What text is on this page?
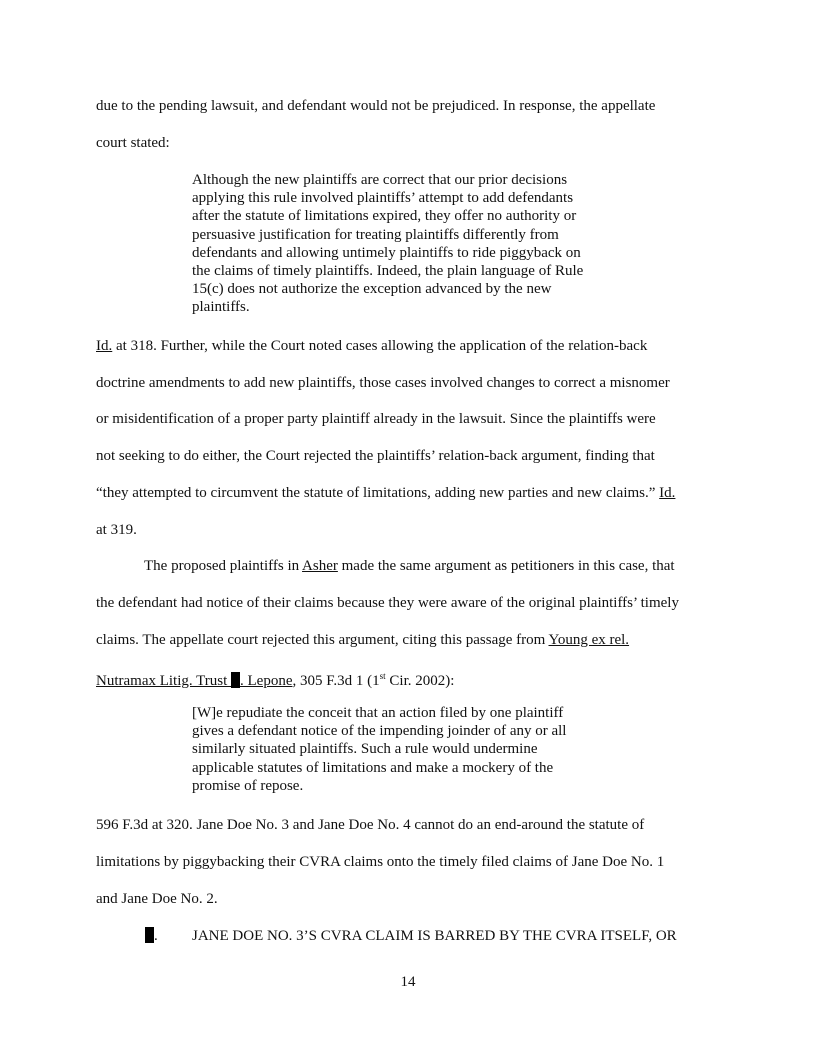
due to the pending lawsuit, and defendant would not be prejudiced. In response, the appellate
court stated:
Although the new plaintiffs are correct that our prior decisions
applying this rule involved plaintiffs’ attempt to add defendants
after the statute of limitations expired, they offer no authority or
persuasive justification for treating plaintiffs differently from
defendants and allowing untimely plaintiffs to ride piggyback on
the claims of timely plaintiffs. Indeed, the plain language of Rule
15(c) does not authorize the exception advanced by the new
plaintiffs.
Id. at 318. Further, while the Court noted cases allowing the application of the relation-back
doctrine amendments to add new plaintiffs, those cases involved changes to correct a misnomer
or misidentification of a proper party plaintiff already in the lawsuit. Since the plaintiffs were
not seeking to do either, the Court rejected the plaintiffs’ relation-back argument, finding that
“they attempted to circumvent the statute of limitations, adding new parties and new claims.” Id.
at 319.
The proposed plaintiffs in Asher made the same argument as petitioners in this case, that
the defendant had notice of their claims because they were aware of the original plaintiffs’ timely
claims. The appellate court rejected this argument, citing this passage from Young ex rel.
Nutramax Litig. Trust . Lepone, 305 F.3d 1 (1st Cir. 2002):
[W]e repudiate the conceit that an action filed by one plaintiff
gives a defendant notice of the impending joinder of any or all
similarly situated plaintiffs. Such a rule would undermine
applicable statutes of limitations and make a mockery of the
promise of repose.
596 F.3d at 320. Jane Doe No. 3 and Jane Doe No. 4 cannot do an end-around the statute of
limitations by piggybacking their CVRA claims onto the timely filed claims of Jane Doe No. 1
and Jane Doe No. 2.
. JANE DOE NO. 3’S CVRA CLAIM IS BARRED BY THE CVRA ITSELF, OR
14
